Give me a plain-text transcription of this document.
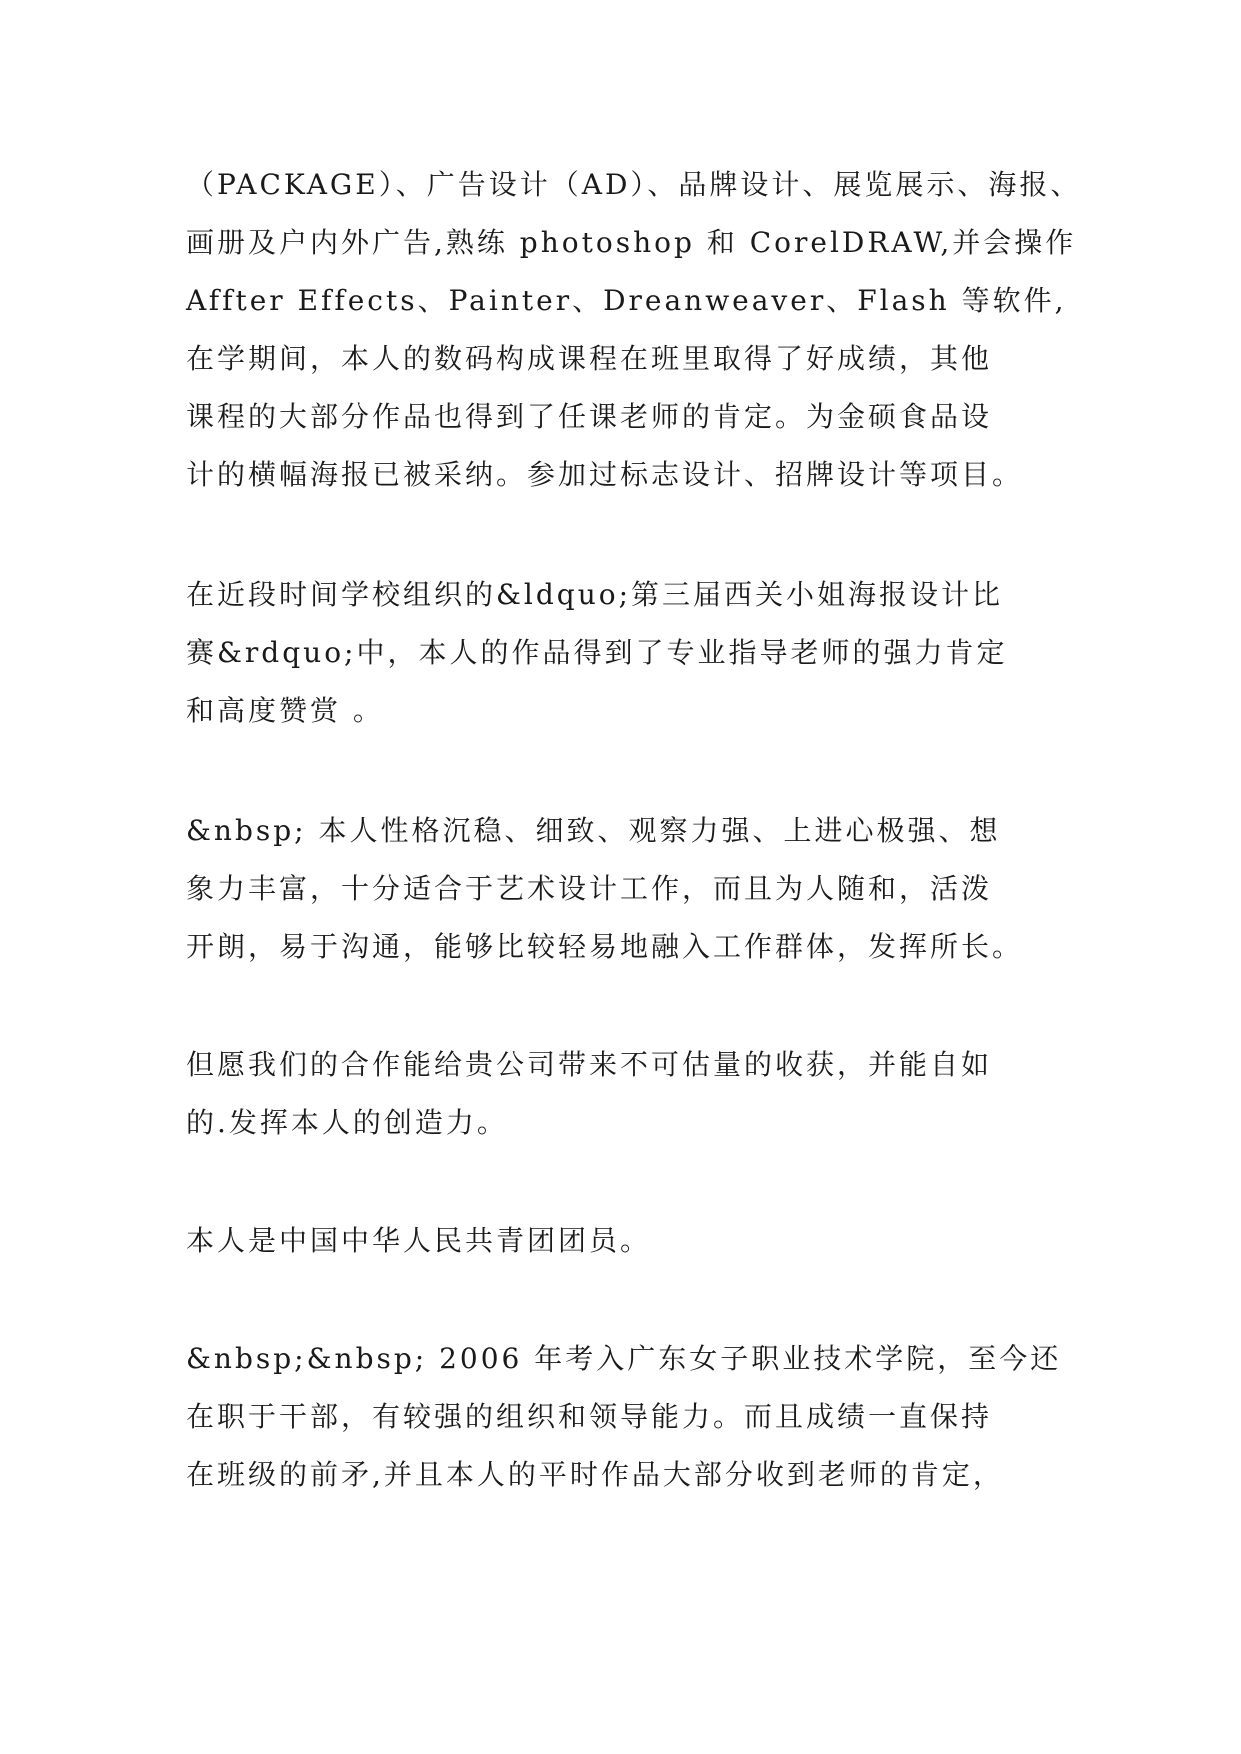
（PACKAGE）、广告设计（AD）、品牌设计、展览展示、海报、
画册及户内外广告,熟练 photoshop 和 CorelDRAW,并会操作
Affter Effects、Painter、Dreanweaver、Flash 等软件,
在学期间，本人的数码构成课程在班里取得了好成绩，其他
课程的大部分作品也得到了任课老师的肯定。为金硕食品设
计的横幅海报已被采纳。参加过标志设计、招牌设计等项目。
在近段时间学校组织的&ldquo;第三届西关小姐海报设计比
赛&rdquo;中，本人的作品得到了专业指导老师的强力肯定
和高度赞赏 。
&nbsp; 本人性格沉稳、细致、观察力强、上进心极强、想
象力丰富，十分适合于艺术设计工作，而且为人随和，活泼
开朗，易于沟通，能够比较轻易地融入工作群体，发挥所长。
但愿我们的合作能给贵公司带来不可估量的收获，并能自如
的.发挥本人的创造力。
本人是中国中华人民共青团团员。
&nbsp;&nbsp; 2006 年考入广东女子职业技术学院，至今还
在职于干部，有较强的组织和领导能力。而且成绩一直保持
在班级的前矛,并且本人的平时作品大部分收到老师的肯定，
